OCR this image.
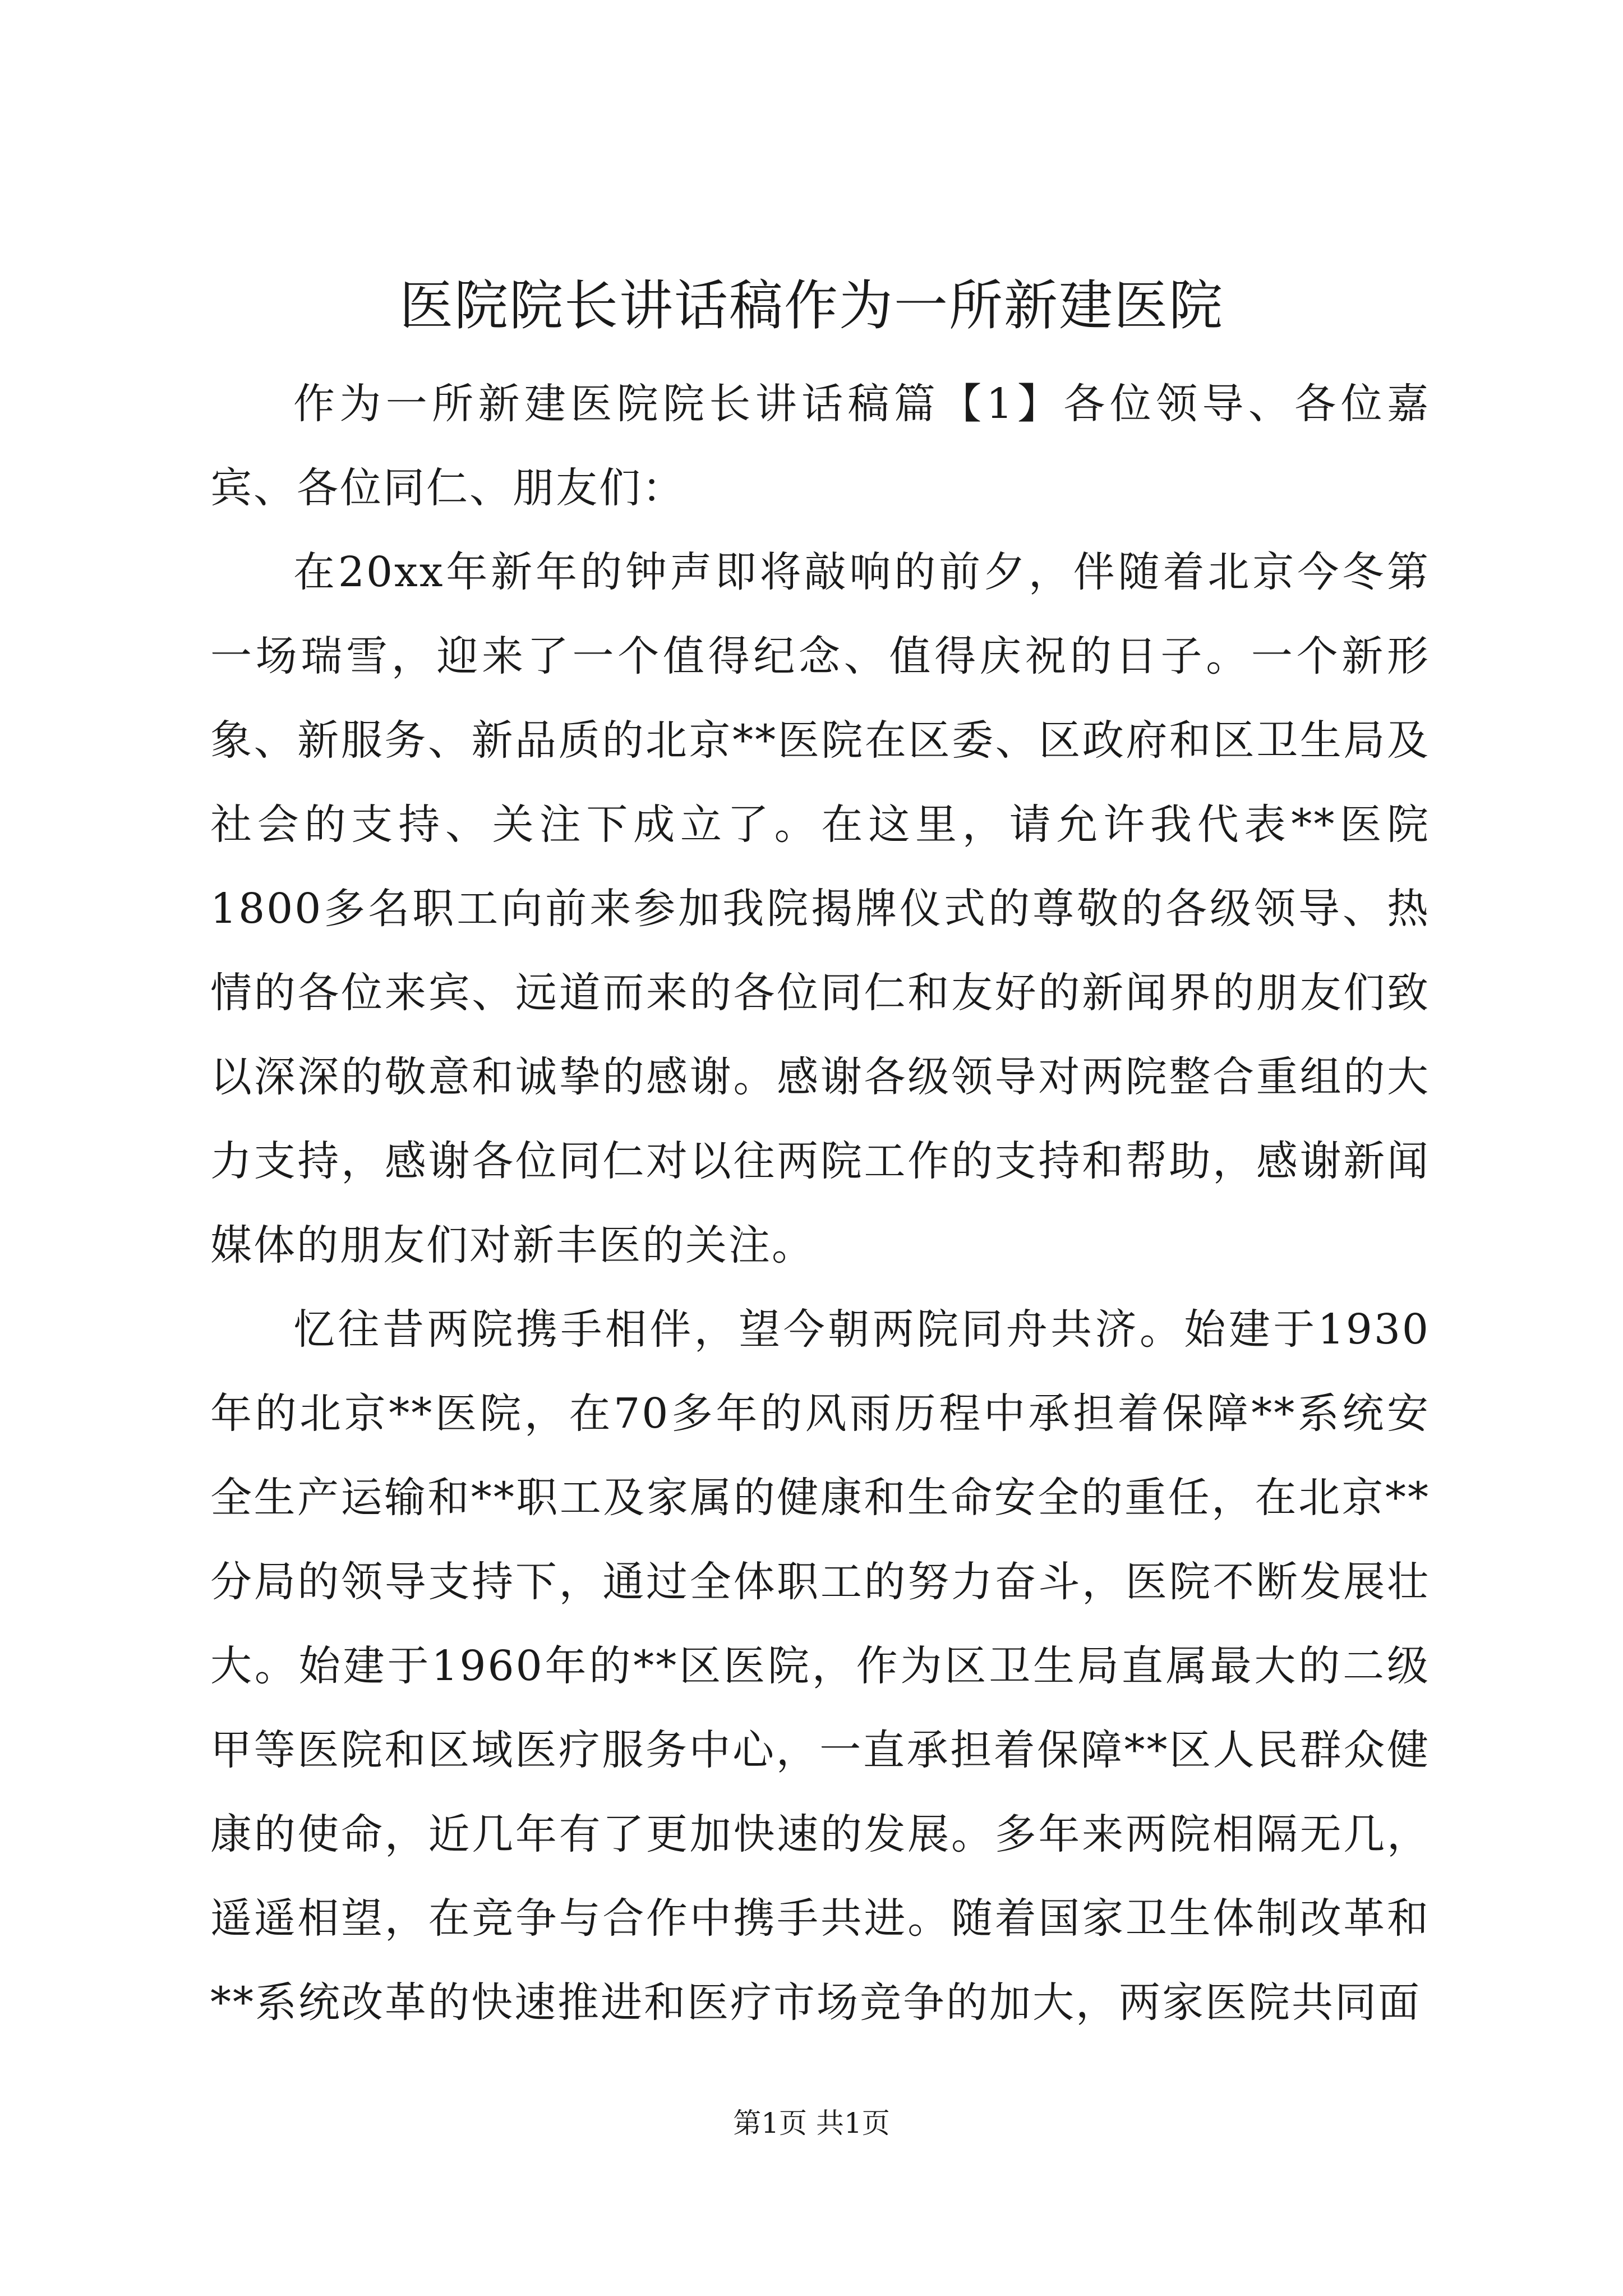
医院院长讲话稿作为一所新建医院

作为一所新建医院院长讲话稿篇【1】各位领导、各位嘉宾、各位同仁、朋友们：

在20xx年新年的钟声即将敲响的前夕，伴随着北京今冬第一场瑞雪，迎来了一个值得纪念、值得庆祝的日子。一个新形象、新服务、新品质的北京**医院在区委、区政府和区卫生局及社会的支持、关注下成立了。在这里，请允许我代表**医院1800多名职工向前来参加我院揭牌仪式的尊敬的各级领导、热情的各位来宾、远道而来的各位同仁和友好的新闻界的朋友们致以深深的敬意和诚挚的感谢。感谢各级领导对两院整合重组的大力支持，感谢各位同仁对以往两院工作的支持和帮助，感谢新闻媒体的朋友们对新丰医的关注。

忆往昔两院携手相伴，望今朝两院同舟共济。始建于1930年的北京**医院，在70多年的风雨历程中承担着保障**系统安全生产运输和**职工及家属的健康和生命安全的重任，在北京**分局的领导支持下，通过全体职工的努力奋斗，医院不断发展壮大。始建于1960年的**区医院，作为区卫生局直属最大的二级甲等医院和区域医疗服务中心，一直承担着保障**区人民群众健康的使命，近几年有了更加快速的发展。多年来两院相隔无几，遥遥相望，在竞争与合作中携手共进。随着国家卫生体制改革和**系统改革的快速推进和医疗市场竞争的加大，两家医院共同面

第1页 共1页
